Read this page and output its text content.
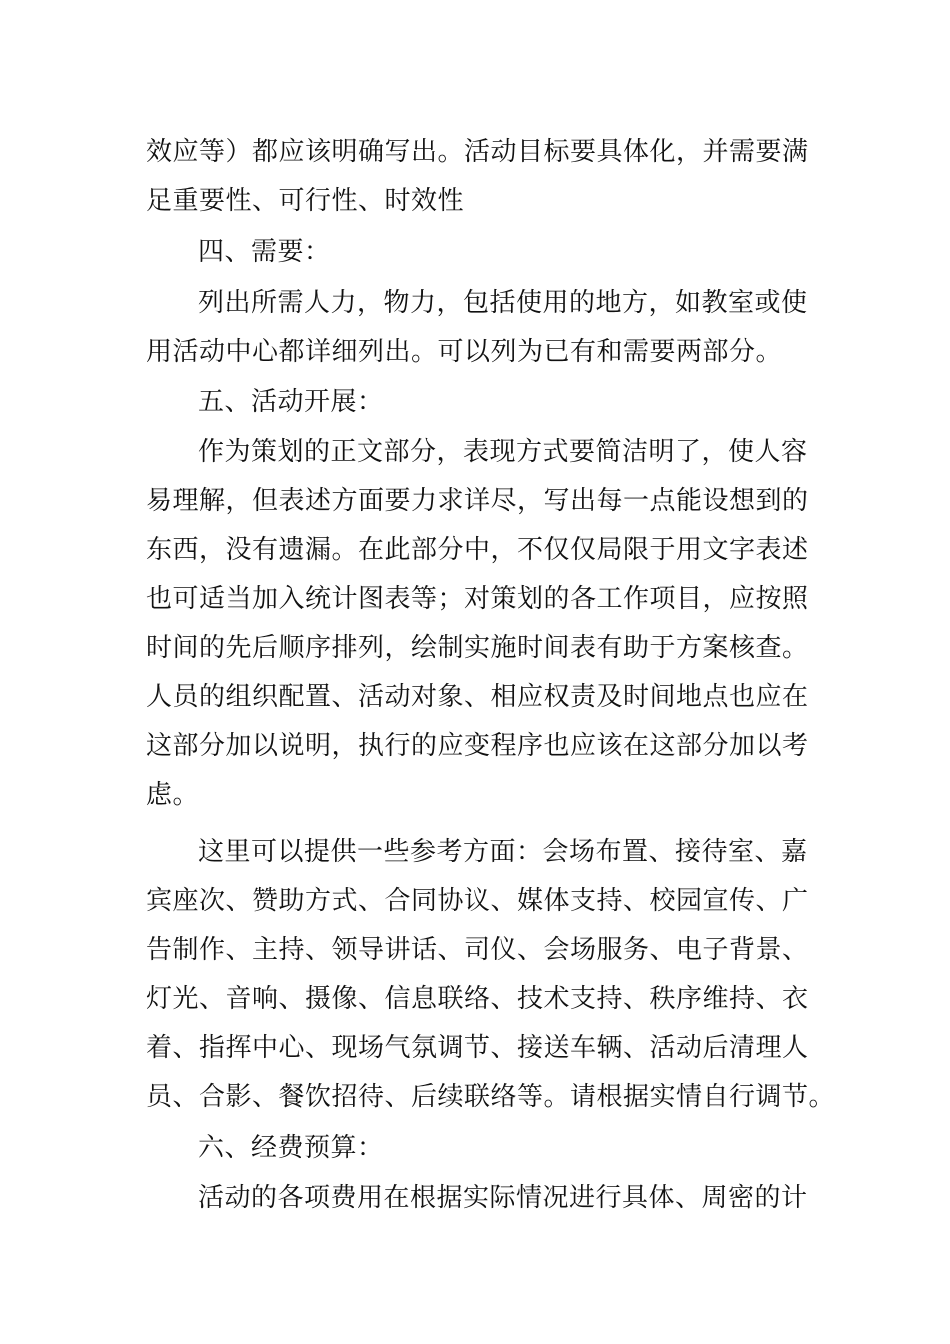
效应等）都应该明确写出。活动目标要具体化，并需要满
足重要性、可行性、时效性
四、需要：
列出所需人力，物力，包括使用的地方，如教室或使
用活动中心都详细列出。可以列为已有和需要两部分。
五、活动开展：
作为策划的正文部分，表现方式要简洁明了，使人容
易理解，但表述方面要力求详尽，写出每一点能设想到的
东西，没有遗漏。在此部分中，不仅仅局限于用文字表述
也可适当加入统计图表等；对策划的各工作项目，应按照
时间的先后顺序排列，绘制实施时间表有助于方案核查。
人员的组织配置、活动对象、相应权责及时间地点也应在
这部分加以说明，执行的应变程序也应该在这部分加以考
虑。
这里可以提供一些参考方面：会场布置、接待室、嘉
宾座次、赞助方式、合同协议、媒体支持、校园宣传、广
告制作、主持、领导讲话、司仪、会场服务、电子背景、
灯光、音响、摄像、信息联络、技术支持、秩序维持、衣
着、指挥中心、现场气氛调节、接送车辆、活动后清理人
员、合影、餐饮招待、后续联络等。请根据实情自行调节。
六、经费预算：
活动的各项费用在根据实际情况进行具体、周密的计
